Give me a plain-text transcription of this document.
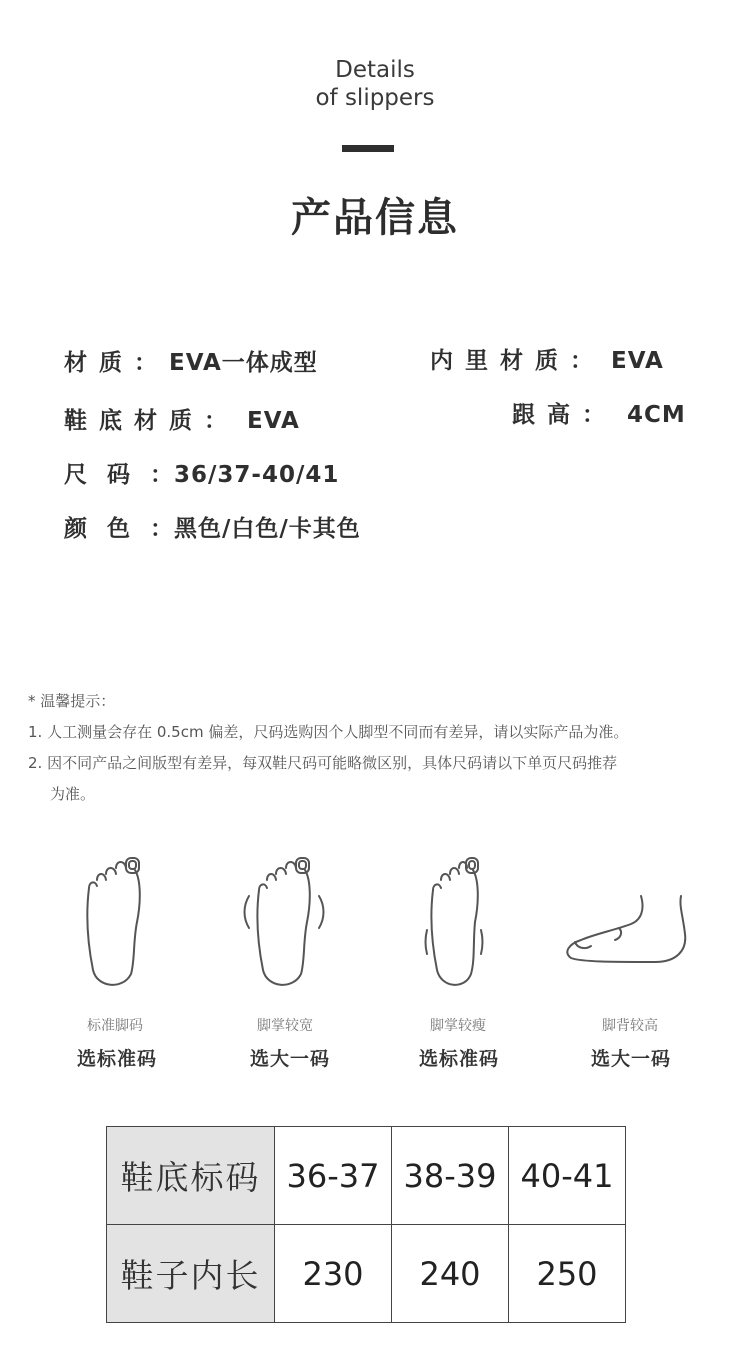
Details
of slippers
产品信息
材质：EVA一体成型	内里材质： EVA
鞋底材质： EVA	跟高： 4CM
尺码：36/37-40/41
颜色：黑色/白色/卡其色
* 温馨提示：
1. 人工测量会存在 0.5cm 偏差，尺码选购因个人脚型不同而有差异，请以实际产品为准。
2. 因不同产品之间版型有差异，每双鞋尺码可能略微区别，具体尺码请以下单页尺码推荐
为准。
标准脚码	脚掌较宽	脚掌较瘦	脚背较高
选标准码	选大一码	选标准码	选大一码
鞋底标码	36-37	38-39	40-41
鞋子内长	230	240	250
